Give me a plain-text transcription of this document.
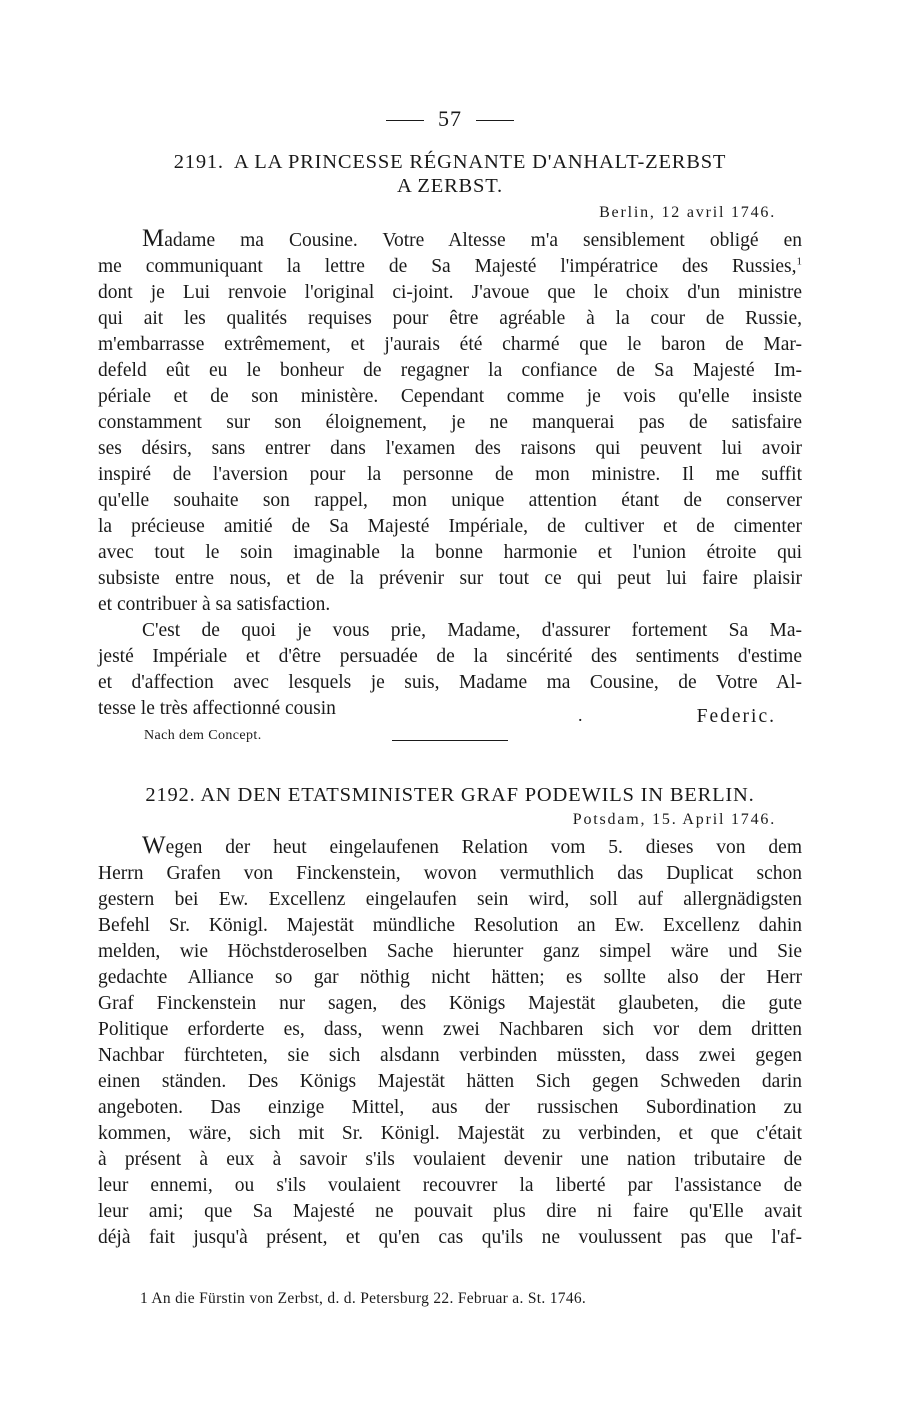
57

2191. A LA PRINCESSE RÉGNANTE D'ANHALT-ZERBST

A ZERBST.

Berlin, 12 avril 1746.
Madame ma Cousine. Votre Altesse m'a sensiblement obligé en
me communiquant la lettre de Sa Majesté l'impératrice des Russies,$^1$
dont je Lui renvoie l'original ci-joint. J'avoue que le choix d'un ministre
qui ait les qualités requises pour être agréable à la cour de Russie,
m'embarrasse extrêmement, et j'aurais été charmé que le baron de Mar-
defeld eût eu le bonheur de regagner la confiance de Sa Majesté Im-
périale et de son ministère. Cependant comme je vois qu'elle insiste
constamment sur son éloignement, je ne manquerai pas de satisfaire
ses désirs, sans entrer dans l'examen des raisons qui peuvent lui avoir
inspiré de l'aversion pour la personne de mon ministre. Il me suffit
qu'elle souhaite son rappel, mon unique attention étant de conserver
la précieuse amitié de Sa Majesté Impériale, de cultiver et de cimenter
avec tout le soin imaginable la bonne harmonie et l'union étroite qui
subsiste entre nous, et de la prévenir sur tout ce qui peut lui faire plaisir
et contribuer à sa satisfaction.
C'est de quoi je vous prie, Madame, d'assurer fortement Sa Ma-
jesté Impériale et d'être persuadée de la sincérité des sentiments d'estime
et d'affection avec lesquels je suis, Madame ma Cousine, de Votre Al-
tesse le très affectionné cousin	.	Federic.
Nach dem Concept.

2192. AN DEN ETATSMINISTER GRAF PODEWILS IN BERLIN.

Potsdam, 15. April 1746.
Wegen der heut eingelaufenen Relation vom 5. dieses von dem
Herrn Grafen von Finckenstein, wovon vermuthlich das Duplicat schon
gestern bei Ew. Excellenz eingelaufen sein wird, soll auf allergnädigsten
Befehl Sr. Königl. Majestät mündliche Resolution an Ew. Excellenz dahin
melden, wie Höchstderoselben Sache hierunter ganz simpel wäre und Sie
gedachte Alliance so gar nöthig nicht hätten; es sollte also der Herr
Graf Finckenstein nur sagen, des Königs Majestät glaubeten, die gute
Politique erforderte es, dass, wenn zwei Nachbaren sich vor dem dritten
Nachbar fürchteten, sie sich alsdann verbinden müssten, dass zwei gegen
einen ständen. Des Königs Majestät hätten Sich gegen Schweden darin
angeboten. Das einzige Mittel, aus der russischen Subordination zu
kommen, wäre, sich mit Sr. Königl. Majestät zu verbinden, et que c'était
à présent à eux à savoir s'ils voulaient devenir une nation tributaire de
leur ennemi, ou s'ils voulaient recouvrer la liberté par l'assistance de
leur ami; que Sa Majesté ne pouvait plus dire ni faire qu'Elle avait
déjà fait jusqu'à présent, et qu'en cas qu'ils ne voulussent pas que l'af-
1 An die Fürstin von Zerbst, d. d. Petersburg 22. Februar a. St. 1746.
